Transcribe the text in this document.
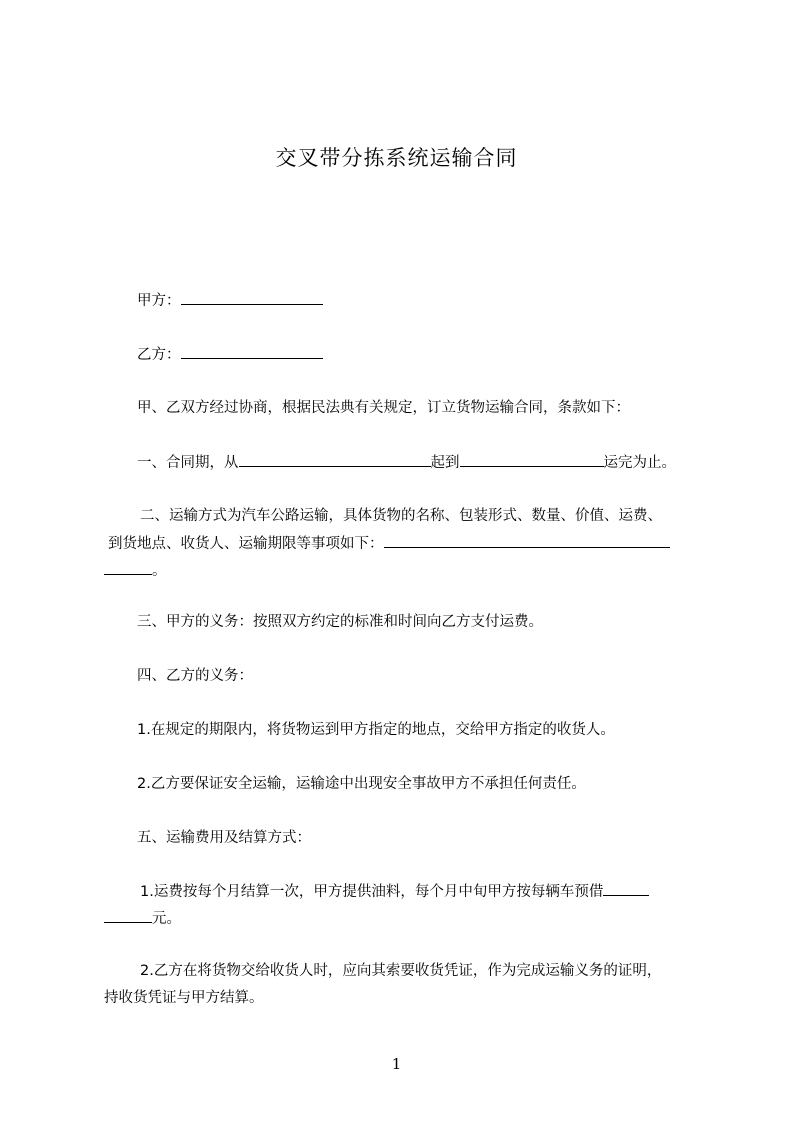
交叉带分拣系统运输合同
甲方：
乙方：
甲、乙双方经过协商，根据民法典有关规定，订立货物运输合同，条款如下：
一、合同期，从	起到	运完为止。
二、运输方式为汽车公路运输，具体货物的名称、包装形式、数量、价值、运费、
到货地点、收货人、运输期限等事项如下：
。
三、甲方的义务：按照双方约定的标准和时间向乙方支付运费。
四、乙方的义务：
1.在规定的期限内，将货物运到甲方指定的地点，交给甲方指定的收货人。
2.乙方要保证安全运输，运输途中出现安全事故甲方不承担任何责任。
五、运输费用及结算方式：
1.运费按每个月结算一次，甲方提供油料，每个月中旬甲方按每辆车预借
元。
2.乙方在将货物交给收货人时，应向其索要收货凭证，作为完成运输义务的证明，
持收货凭证与甲方结算。
1
